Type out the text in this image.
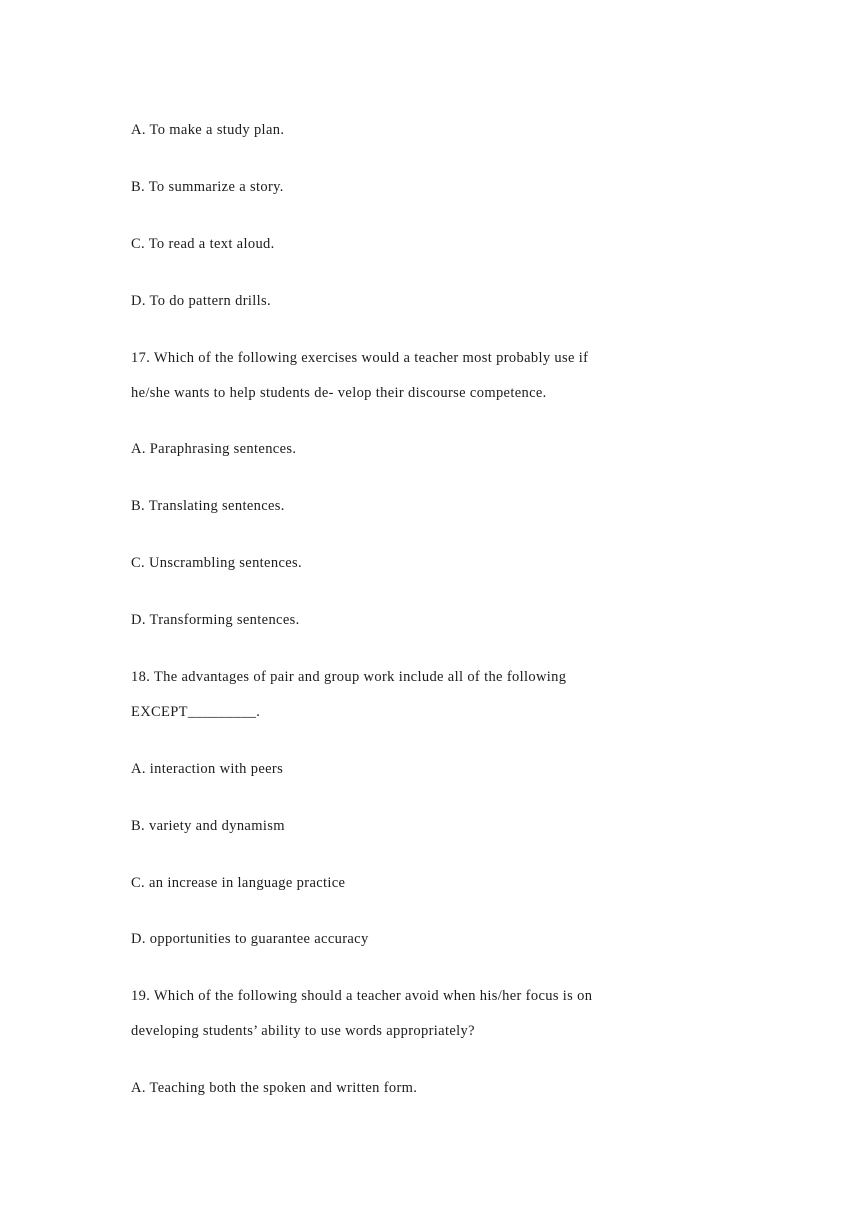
A. To make a study plan.
B. To summarize a story.
C. To read a text aloud.
D. To do pattern drills.
17. Which of the following exercises would a teacher most probably use if
he/she wants to help students de- velop their discourse competence.
A. Paraphrasing sentences.
B. Translating sentences.
C. Unscrambling sentences.
D. Transforming sentences.
18. The advantages of pair and group work include all of the following
EXCEPT_________.
A. interaction with peers
B. variety and dynamism
C. an increase in language practice
D. opportunities to guarantee accuracy
19. Which of the following should a teacher avoid when his/her focus is on
developing students’ ability to use words appropriately?
A. Teaching both the spoken and written form.
